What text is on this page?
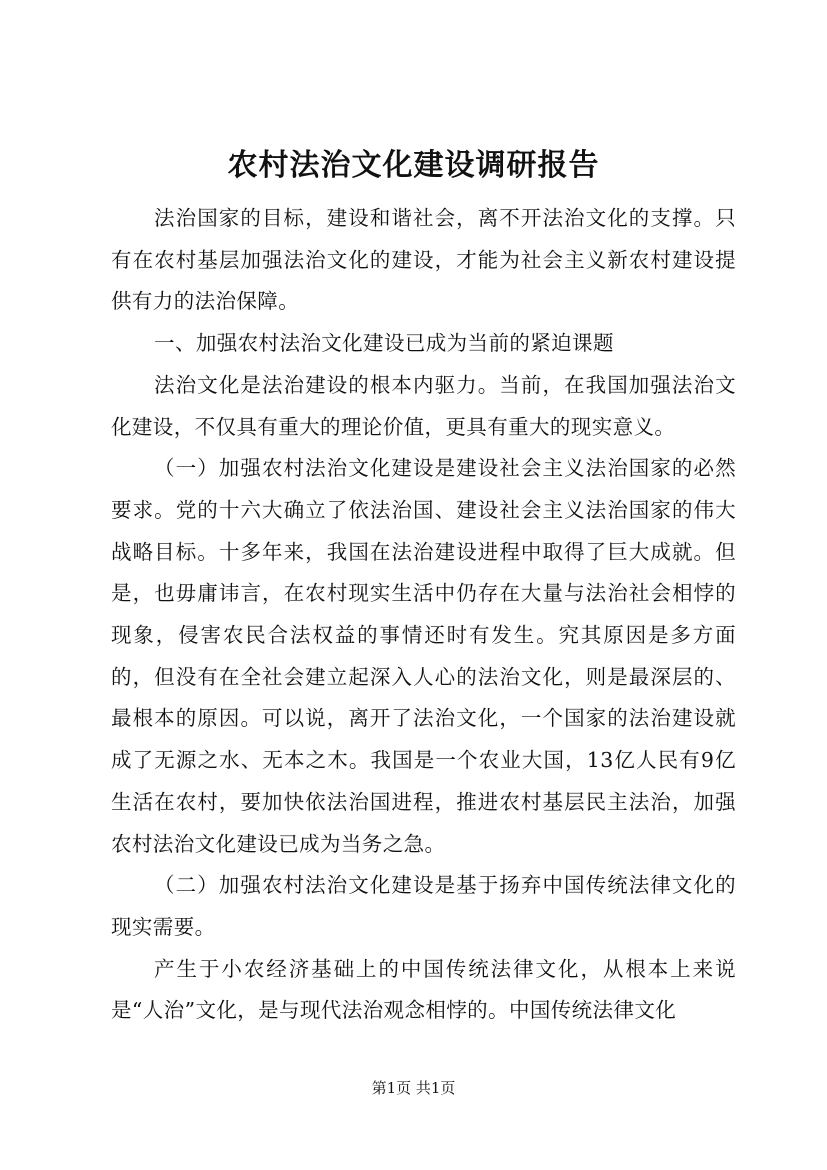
农村法治文化建设调研报告

法治国家的目标，建设和谐社会，离不开法治文化的支撑。只有在农村基层加强法治文化的建设，才能为社会主义新农村建设提供有力的法治保障。

一、加强农村法治文化建设已成为当前的紧迫课题

法治文化是法治建设的根本内驱力。当前，在我国加强法治文化建设，不仅具有重大的理论价值，更具有重大的现实意义。

（一）加强农村法治文化建设是建设社会主义法治国家的必然要求。党的十六大确立了依法治国、建设社会主义法治国家的伟大战略目标。十多年来，我国在法治建设进程中取得了巨大成就。但是，也毋庸讳言，在农村现实生活中仍存在大量与法治社会相悖的现象，侵害农民合法权益的事情还时有发生。究其原因是多方面的，但没有在全社会建立起深入人心的法治文化，则是最深层的、最根本的原因。可以说，离开了法治文化，一个国家的法治建设就成了无源之水、无本之木。我国是一个农业大国，13亿人民有9亿生活在农村，要加快依法治国进程，推进农村基层民主法治，加强农村法治文化建设已成为当务之急。

（二）加强农村法治文化建设是基于扬弃中国传统法律文化的现实需要。

产生于小农经济基础上的中国传统法律文化，从根本上来说是“人治”文化，是与现代法治观念相悖的。中国传统法律文化

第1页 共1页
